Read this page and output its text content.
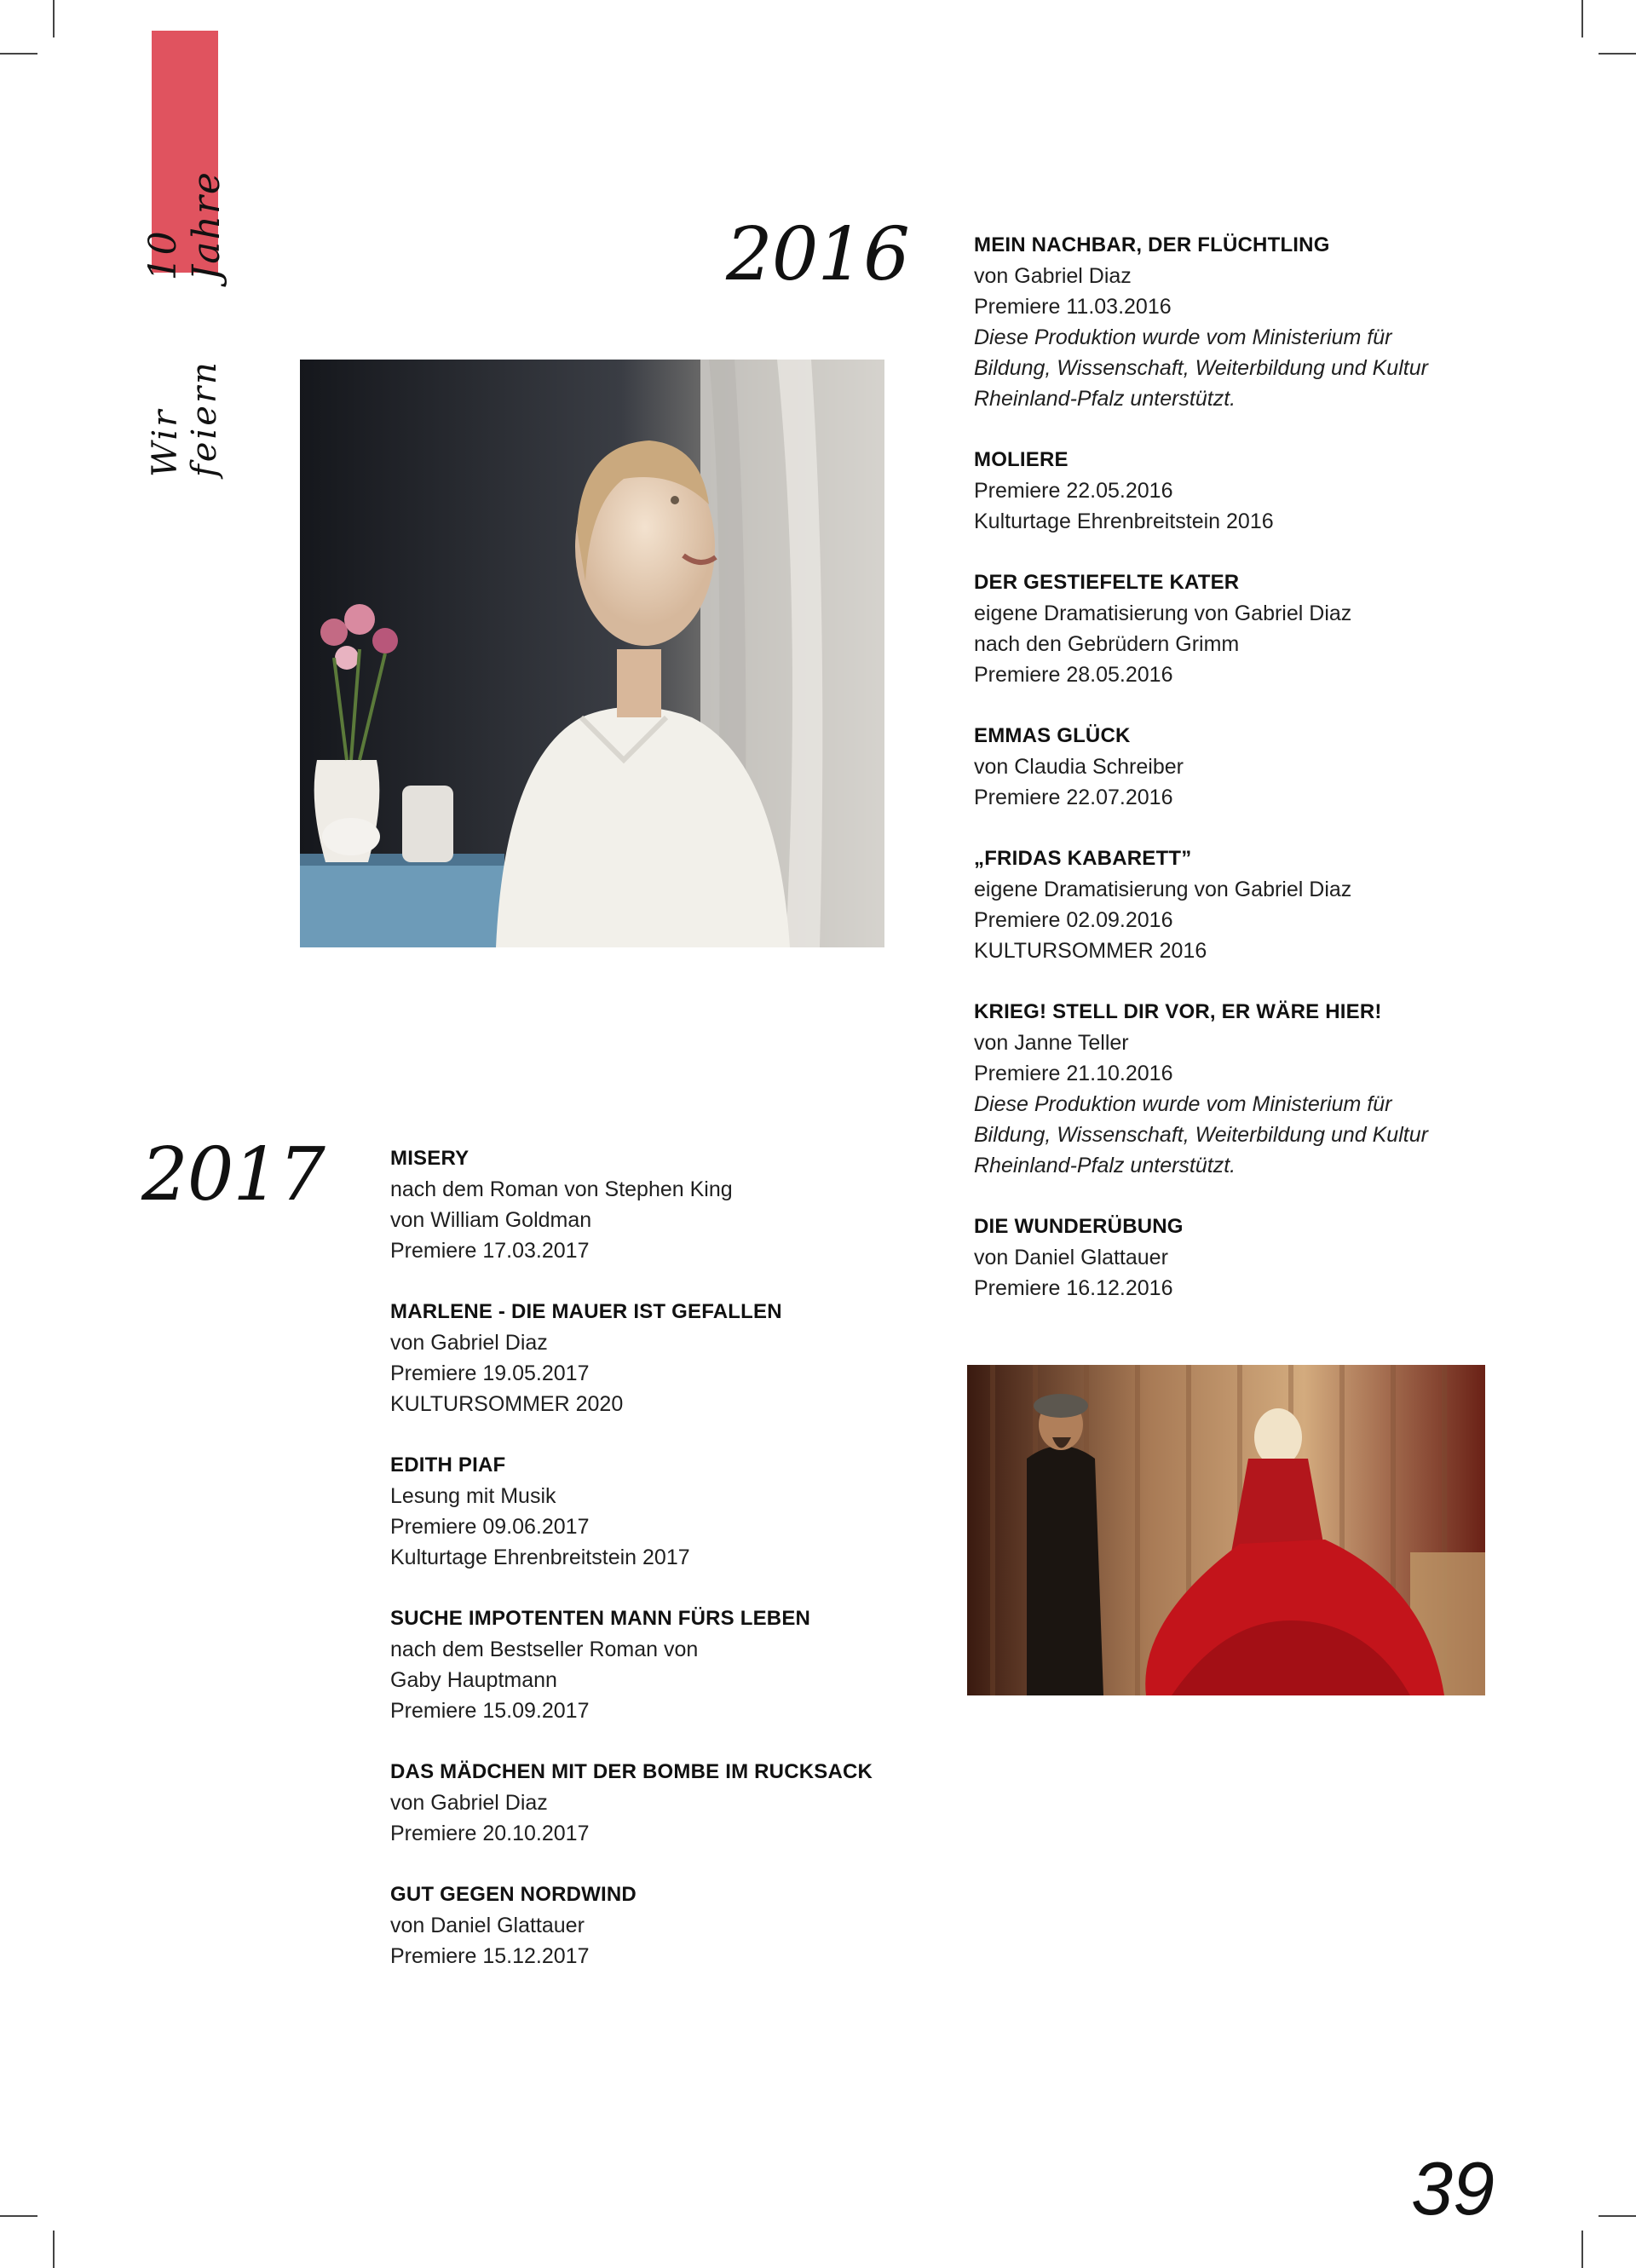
Wir feiern
10 Jahre	2016
2017
MEIN NACHBAR, DER FLÜCHTLING
von Gabriel Diaz
Premiere 11.03.2016
Diese Produktion wurde vom Ministerium für
Bildung, Wissenschaft, Weiterbildung und Kultur
Rheinland-Pfalz unterstützt.
MOLIERE
Premiere 22.05.2016
Kulturtage Ehrenbreitstein 2016
DER GESTIEFELTE KATER
eigene Dramatisierung von Gabriel Diaz
nach den Gebrüdern Grimm
Premiere 28.05.2016
EMMAS GLÜCK
von Claudia Schreiber
Premiere 22.07.2016
„FRIDAS KABARETT”
eigene Dramatisierung von Gabriel Diaz
Premiere 02.09.2016
KULTURSOMMER 2016
KRIEG! STELL DIR VOR, ER WÄRE HIER!
von Janne Teller
Premiere 21.10.2016
Diese Produktion wurde vom Ministerium für
Bildung, Wissenschaft, Weiterbildung und Kultur
Rheinland-Pfalz unterstützt.
DIE WUNDERÜBUNG
von Daniel Glattauer
Premiere 16.12.2016
MISERY
nach dem Roman von Stephen King
von William Goldman
Premiere 17.03.2017
MARLENE - DIE MAUER IST GEFALLEN
von Gabriel Diaz
Premiere 19.05.2017
KULTURSOMMER 2020
EDITH PIAF
Lesung mit Musik
Premiere 09.06.2017
Kulturtage Ehrenbreitstein 2017
SUCHE IMPOTENTEN MANN FÜRS LEBEN
nach dem Bestseller Roman von
Gaby Hauptmann
Premiere 15.09.2017
DAS MÄDCHEN MIT DER BOMBE IM RUCKSACK
von Gabriel Diaz
Premiere 20.10.2017
GUT GEGEN NORDWIND
von Daniel Glattauer
Premiere 15.12.2017
39
